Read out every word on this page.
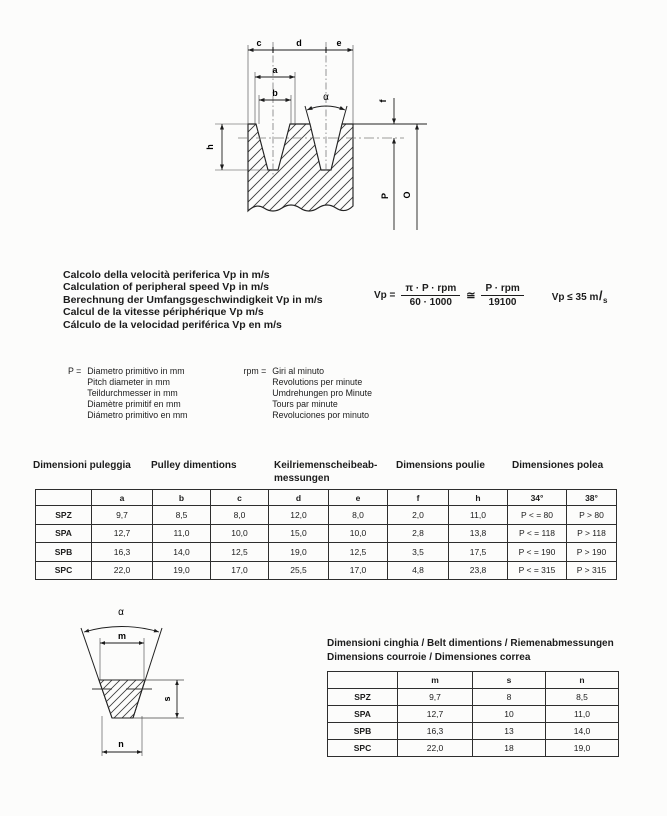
c	d	e
a
b	α
h
f
P O
Calcolo della velocità periferica Vp in m/s
Calculation of peripheral speed Vp in m/s
Berechnung der Umfangsgeschwindigkeit Vp in m/s
Calcul de la vitesse périphérique Vp m/s
Cálculo de la velocidad periférica Vp en m/s
$Vp = \frac{\text{π · P · rpm}}{60 \cdot 1000}$ ≅ $\frac{\text{P · rpm}}{19100}$	Vp ≤ 35 m / s
P = Diametro primitivo in mm
Pitch diameter in mm
Teildurchmesser in mm
Diamètre primitif en mm
Diámetro primitivo en mm
rpm = Giri al minuto
Revolutions per minute
Umdrehungen pro Minute
Tours par minute
Revoluciones por minuto
Dimensioni puleggia Pulley dimentions	Keilriemenscheibeab-
messungen
Dimensions poulie	Dimensiones polea
	a	b	c	d	e	f	h	34°	38°
SPZ	9,7	8,5	8,0	12,0	8,0	2,0	11,0	P < = 80	P > 80
SPA	12,7	11,0	10,0	15,0	10,0	2,8	13,8	P < = 118	P > 118
SPB	16,3	14,0	12,5	19,0	12,5	3,5	17,5	P < = 190	P > 190
SPC	22,0	19,0	17,0	25,5	17,0	4,8	23,8	P < = 315	P > 315
α
m
s
n
Dimensioni cinghia / Belt dimentions / Riemenabmessungen
Dimensions courroie / Dimensiones correa
	m	s	n
SPZ	9,7	8	8,5
SPA	12,7	10	11,0
SPB	16,3	13	14,0
SPC	22,0	18	19,0
